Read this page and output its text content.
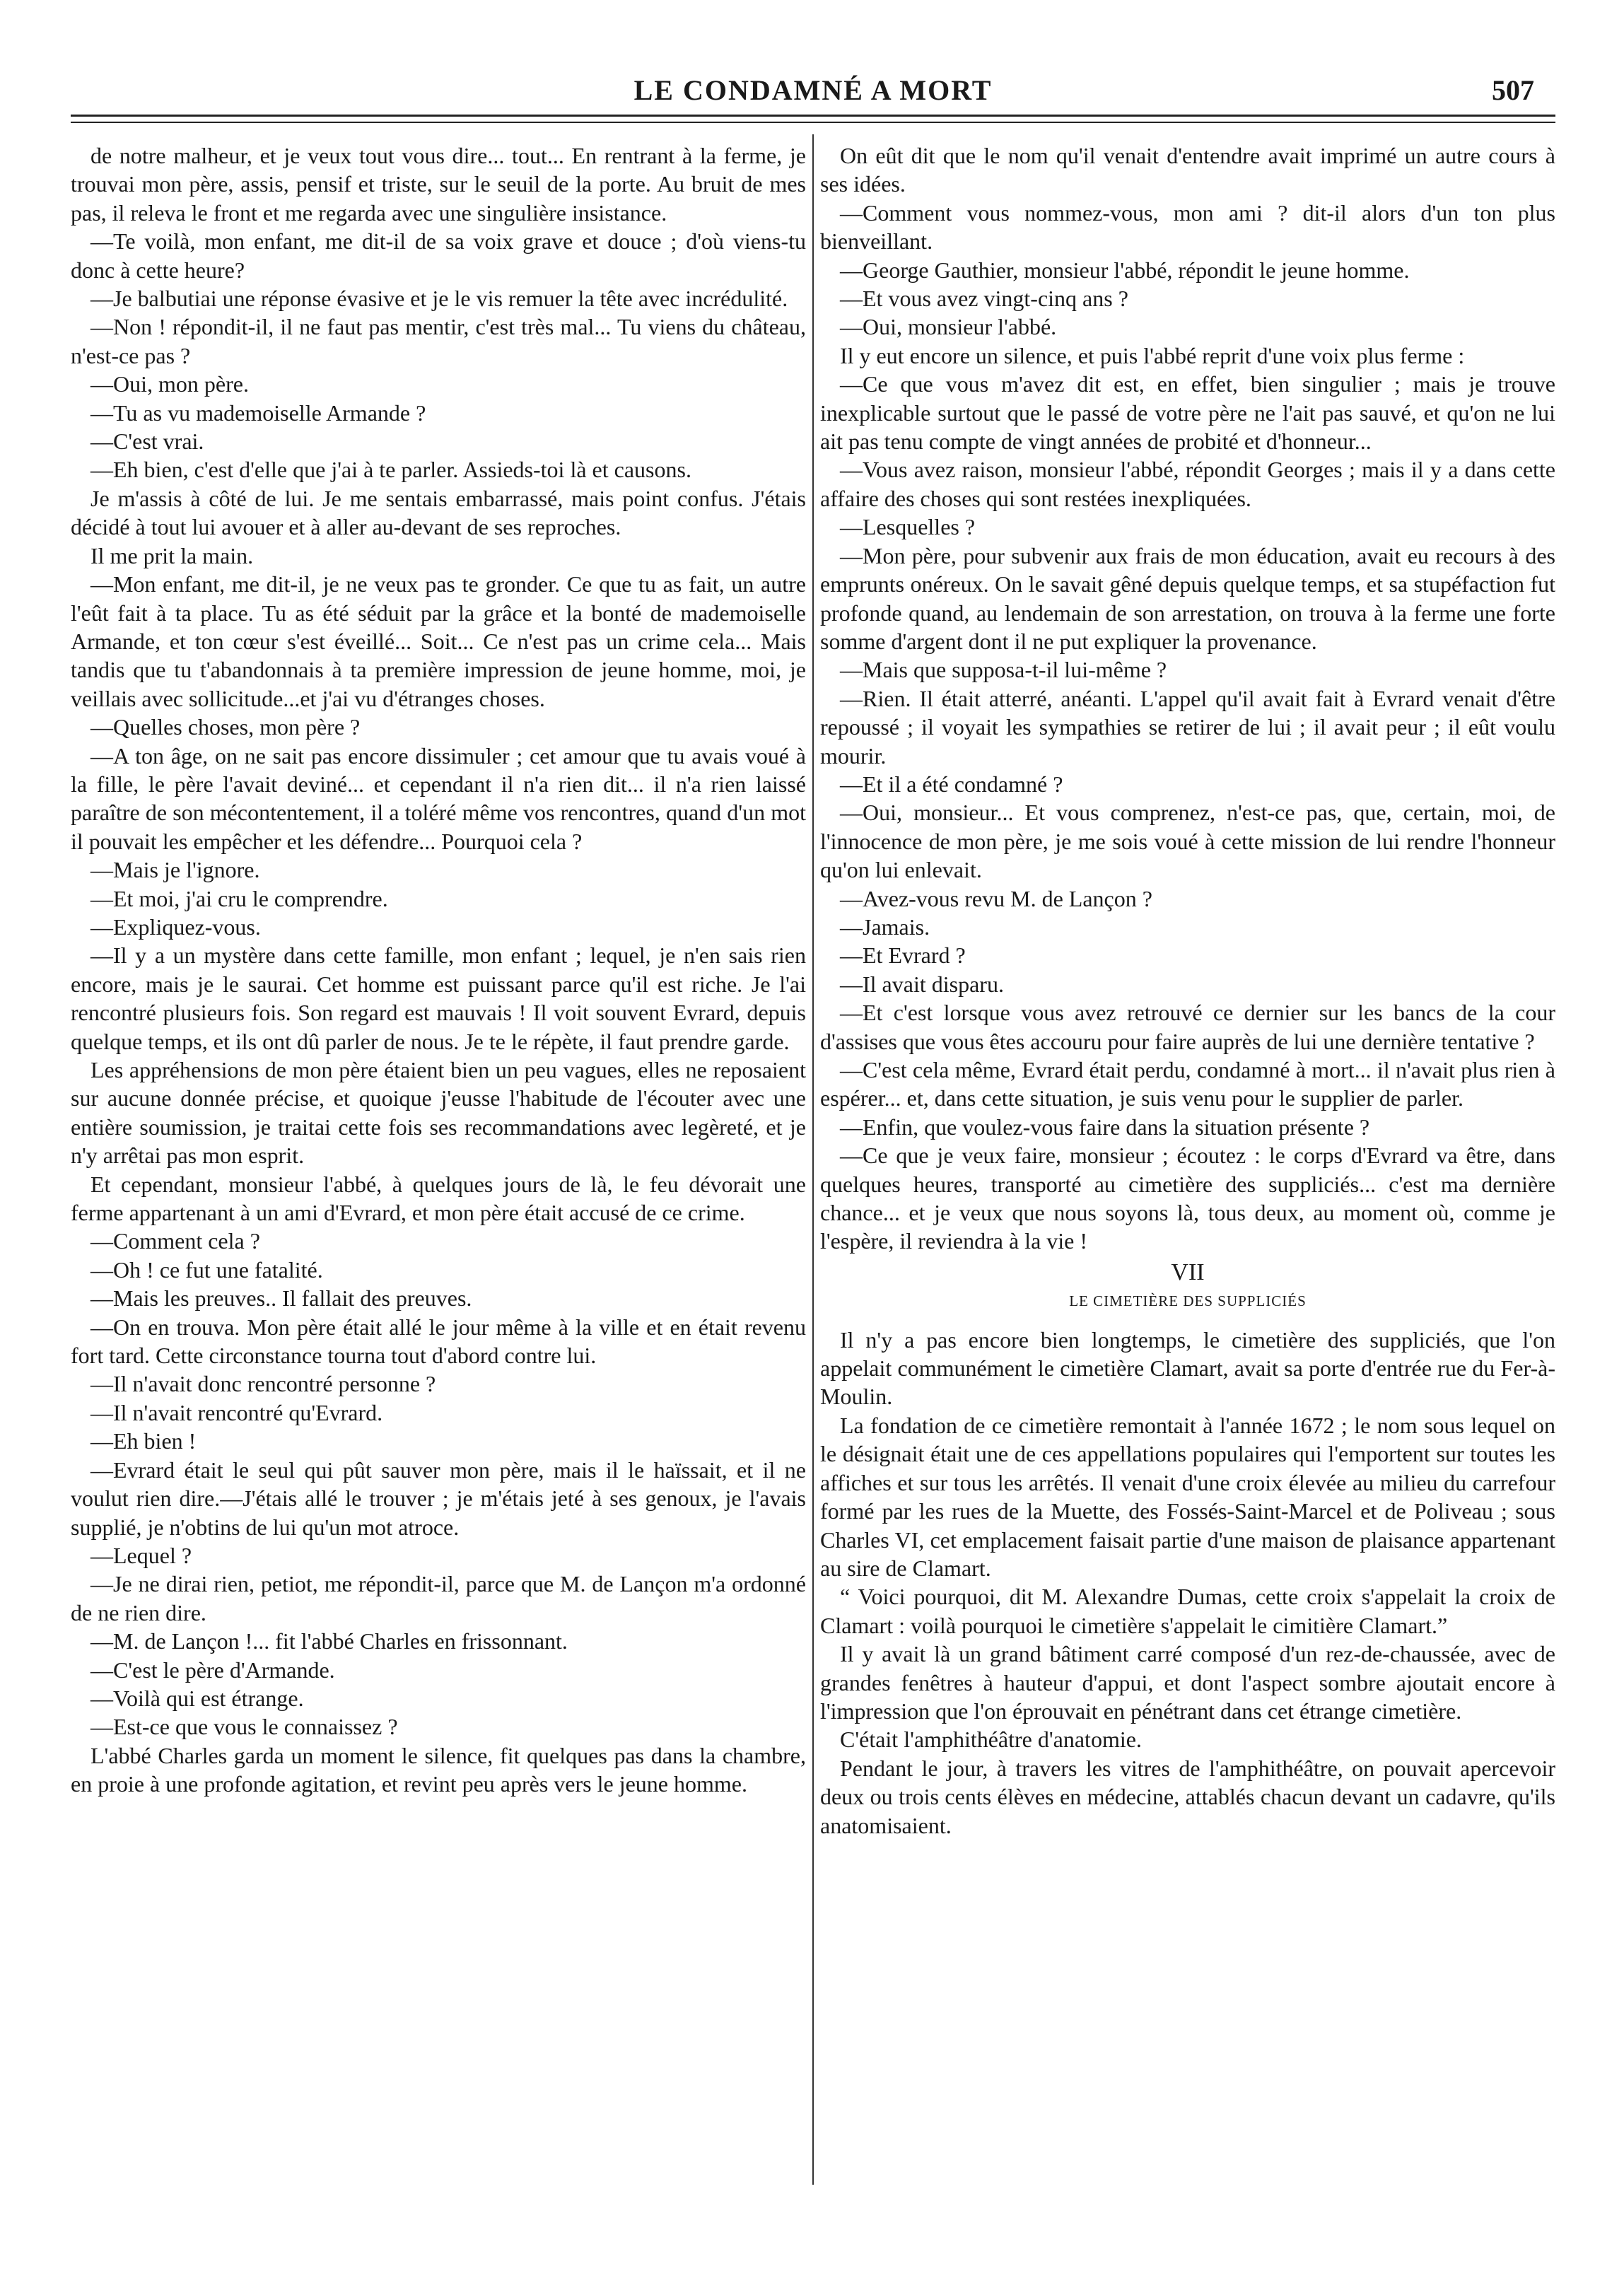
LE CONDAMNÉ A MORT	507

de notre malheur, et je veux tout vous dire... tout... En rentrant à la ferme, je trouvai mon père, assis, pensif et triste, sur le seuil de la porte. Au bruit de mes pas, il releva le front et me regarda avec une singulière insistance.

—Te voilà, mon enfant, me dit-il de sa voix grave et douce ; d'où viens-tu donc à cette heure?

—Je balbutiai une réponse évasive et je le vis remuer la tête avec incrédulité.

—Non ! répondit-il, il ne faut pas mentir, c'est très mal... Tu viens du château, n'est-ce pas ?

—Oui, mon père.

—Tu as vu mademoiselle Armande ?

—C'est vrai.

—Eh bien, c'est d'elle que j'ai à te parler. Assieds-toi là et causons.

Je m'assis à côté de lui. Je me sentais embarrassé, mais point confus. J'étais décidé à tout lui avouer et à aller au-devant de ses reproches.

Il me prit la main.

—Mon enfant, me dit-il, je ne veux pas te gronder. Ce que tu as fait, un autre l'eût fait à ta place. Tu as été séduit par la grâce et la bonté de mademoiselle Armande, et ton cœur s'est éveillé... Soit... Ce n'est pas un crime cela... Mais tandis que tu t'abandonnais à ta première impression de jeune homme, moi, je veillais avec sollicitude...et j'ai vu d'étranges choses.

—Quelles choses, mon père ?

—A ton âge, on ne sait pas encore dissimuler ; cet amour que tu avais voué à la fille, le père l'avait deviné... et cependant il n'a rien dit... il n'a rien laissé paraître de son mécontentement, il a toléré même vos rencontres, quand d'un mot il pouvait les empêcher et les défendre... Pourquoi cela ?

—Mais je l'ignore.

—Et moi, j'ai cru le comprendre.

—Expliquez-vous.

—Il y a un mystère dans cette famille, mon enfant ; lequel, je n'en sais rien encore, mais je le saurai. Cet homme est puissant parce qu'il est riche. Je l'ai rencontré plusieurs fois. Son regard est mauvais ! Il voit souvent Evrard, depuis quelque temps, et ils ont dû parler de nous. Je te le répète, il faut prendre garde.

Les appréhensions de mon père étaient bien un peu vagues, elles ne reposaient sur aucune donnée précise, et quoique j'eusse l'habitude de l'écouter avec une entière soumission, je traitai cette fois ses recommandations avec legèreté, et je n'y arrêtai pas mon esprit.

Et cependant, monsieur l'abbé, à quelques jours de là, le feu dévorait une ferme appartenant à un ami d'Evrard, et mon père était accusé de ce crime.

—Comment cela ?

—Oh ! ce fut une fatalité.

—Mais les preuves.. Il fallait des preuves.

—On en trouva. Mon père était allé le jour même à la ville et en était revenu fort tard. Cette circonstance tourna tout d'abord contre lui.

—Il n'avait donc rencontré personne ?

—Il n'avait rencontré qu'Evrard.

—Eh bien !

—Evrard était le seul qui pût sauver mon père, mais il le haïssait, et il ne voulut rien dire.—J'étais allé le trouver ; je m'étais jeté à ses genoux, je l'avais supplié, je n'obtins de lui qu'un mot atroce.

—Lequel ?

—Je ne dirai rien, petiot, me répondit-il, parce que M. de Lançon m'a ordonné de ne rien dire.

—M. de Lançon !... fit l'abbé Charles en frissonnant.

—C'est le père d'Armande.

—Voilà qui est étrange.

—Est-ce que vous le connaissez ?

L'abbé Charles garda un moment le silence, fit quelques pas dans la chambre, en proie à une profonde agitation, et revint peu après vers le jeune homme.

On eût dit que le nom qu'il venait d'entendre avait imprimé un autre cours à ses idées.

—Comment vous nommez-vous, mon ami ? dit-il alors d'un ton plus bienveillant.

—George Gauthier, monsieur l'abbé, répondit le jeune homme.

—Et vous avez vingt-cinq ans ?

—Oui, monsieur l'abbé.

Il y eut encore un silence, et puis l'abbé reprit d'une voix plus ferme :

—Ce que vous m'avez dit est, en effet, bien singulier ; mais je trouve inexplicable surtout que le passé de votre père ne l'ait pas sauvé, et qu'on ne lui ait pas tenu compte de vingt années de probité et d'honneur...

—Vous avez raison, monsieur l'abbé, répondit Georges ; mais il y a dans cette affaire des choses qui sont restées inexpliquées.

—Lesquelles ?

—Mon père, pour subvenir aux frais de mon éducation, avait eu recours à des emprunts onéreux. On le savait gêné depuis quelque temps, et sa stupéfaction fut profonde quand, au lendemain de son arrestation, on trouva à la ferme une forte somme d'argent dont il ne put expliquer la provenance.

—Mais que supposa-t-il lui-même ?

—Rien. Il était atterré, anéanti. L'appel qu'il avait fait à Evrard venait d'être repoussé ; il voyait les sympathies se retirer de lui ; il avait peur ; il eût voulu mourir.

—Et il a été condamné ?

—Oui, monsieur... Et vous comprenez, n'est-ce pas, que, certain, moi, de l'innocence de mon père, je me sois voué à cette mission de lui rendre l'honneur qu'on lui enlevait.

—Avez-vous revu M. de Lançon ?

—Jamais.

—Et Evrard ?

—Il avait disparu.

—Et c'est lorsque vous avez retrouvé ce dernier sur les bancs de la cour d'assises que vous êtes accouru pour faire auprès de lui une dernière tentative ?

—C'est cela même, Evrard était perdu, condamné à mort... il n'avait plus rien à espérer... et, dans cette situation, je suis venu pour le supplier de parler.

—Enfin, que voulez-vous faire dans la situation présente ?

—Ce que je veux faire, monsieur ; écoutez : le corps d'Evrard va être, dans quelques heures, transporté au cimetière des suppliciés... c'est ma dernière chance... et je veux que nous soyons là, tous deux, au moment où, comme je l'espère, il reviendra à la vie !

VII

LE CIMETIÈRE DES SUPPLICIÉS

Il n'y a pas encore bien longtemps, le cimetière des suppliciés, que l'on appelait communément le cimetière Clamart, avait sa porte d'entrée rue du Fer-à-Moulin.

La fondation de ce cimetière remontait à l'année 1672 ; le nom sous lequel on le désignait était une de ces appellations populaires qui l'emportent sur toutes les affiches et sur tous les arrêtés. Il venait d'une croix élevée au milieu du carrefour formé par les rues de la Muette, des Fossés-Saint-Marcel et de Poliveau ; sous Charles VI, cet emplacement faisait partie d'une maison de plaisance appartenant au sire de Clamart.

“ Voici pourquoi, dit M. Alexandre Dumas, cette croix s'appelait la croix de Clamart : voilà pourquoi le cimetière s'appelait le cimitière Clamart.”

Il y avait là un grand bâtiment carré composé d'un rez-de-chaussée, avec de grandes fenêtres à hauteur d'appui, et dont l'aspect sombre ajoutait encore à l'impression que l'on éprouvait en pénétrant dans cet étrange cimetière.

C'était l'amphithéâtre d'anatomie.

Pendant le jour, à travers les vitres de l'amphithéâtre, on pouvait apercevoir deux ou trois cents élèves en médecine, attablés chacun devant un cadavre, qu'ils anatomisaient.
